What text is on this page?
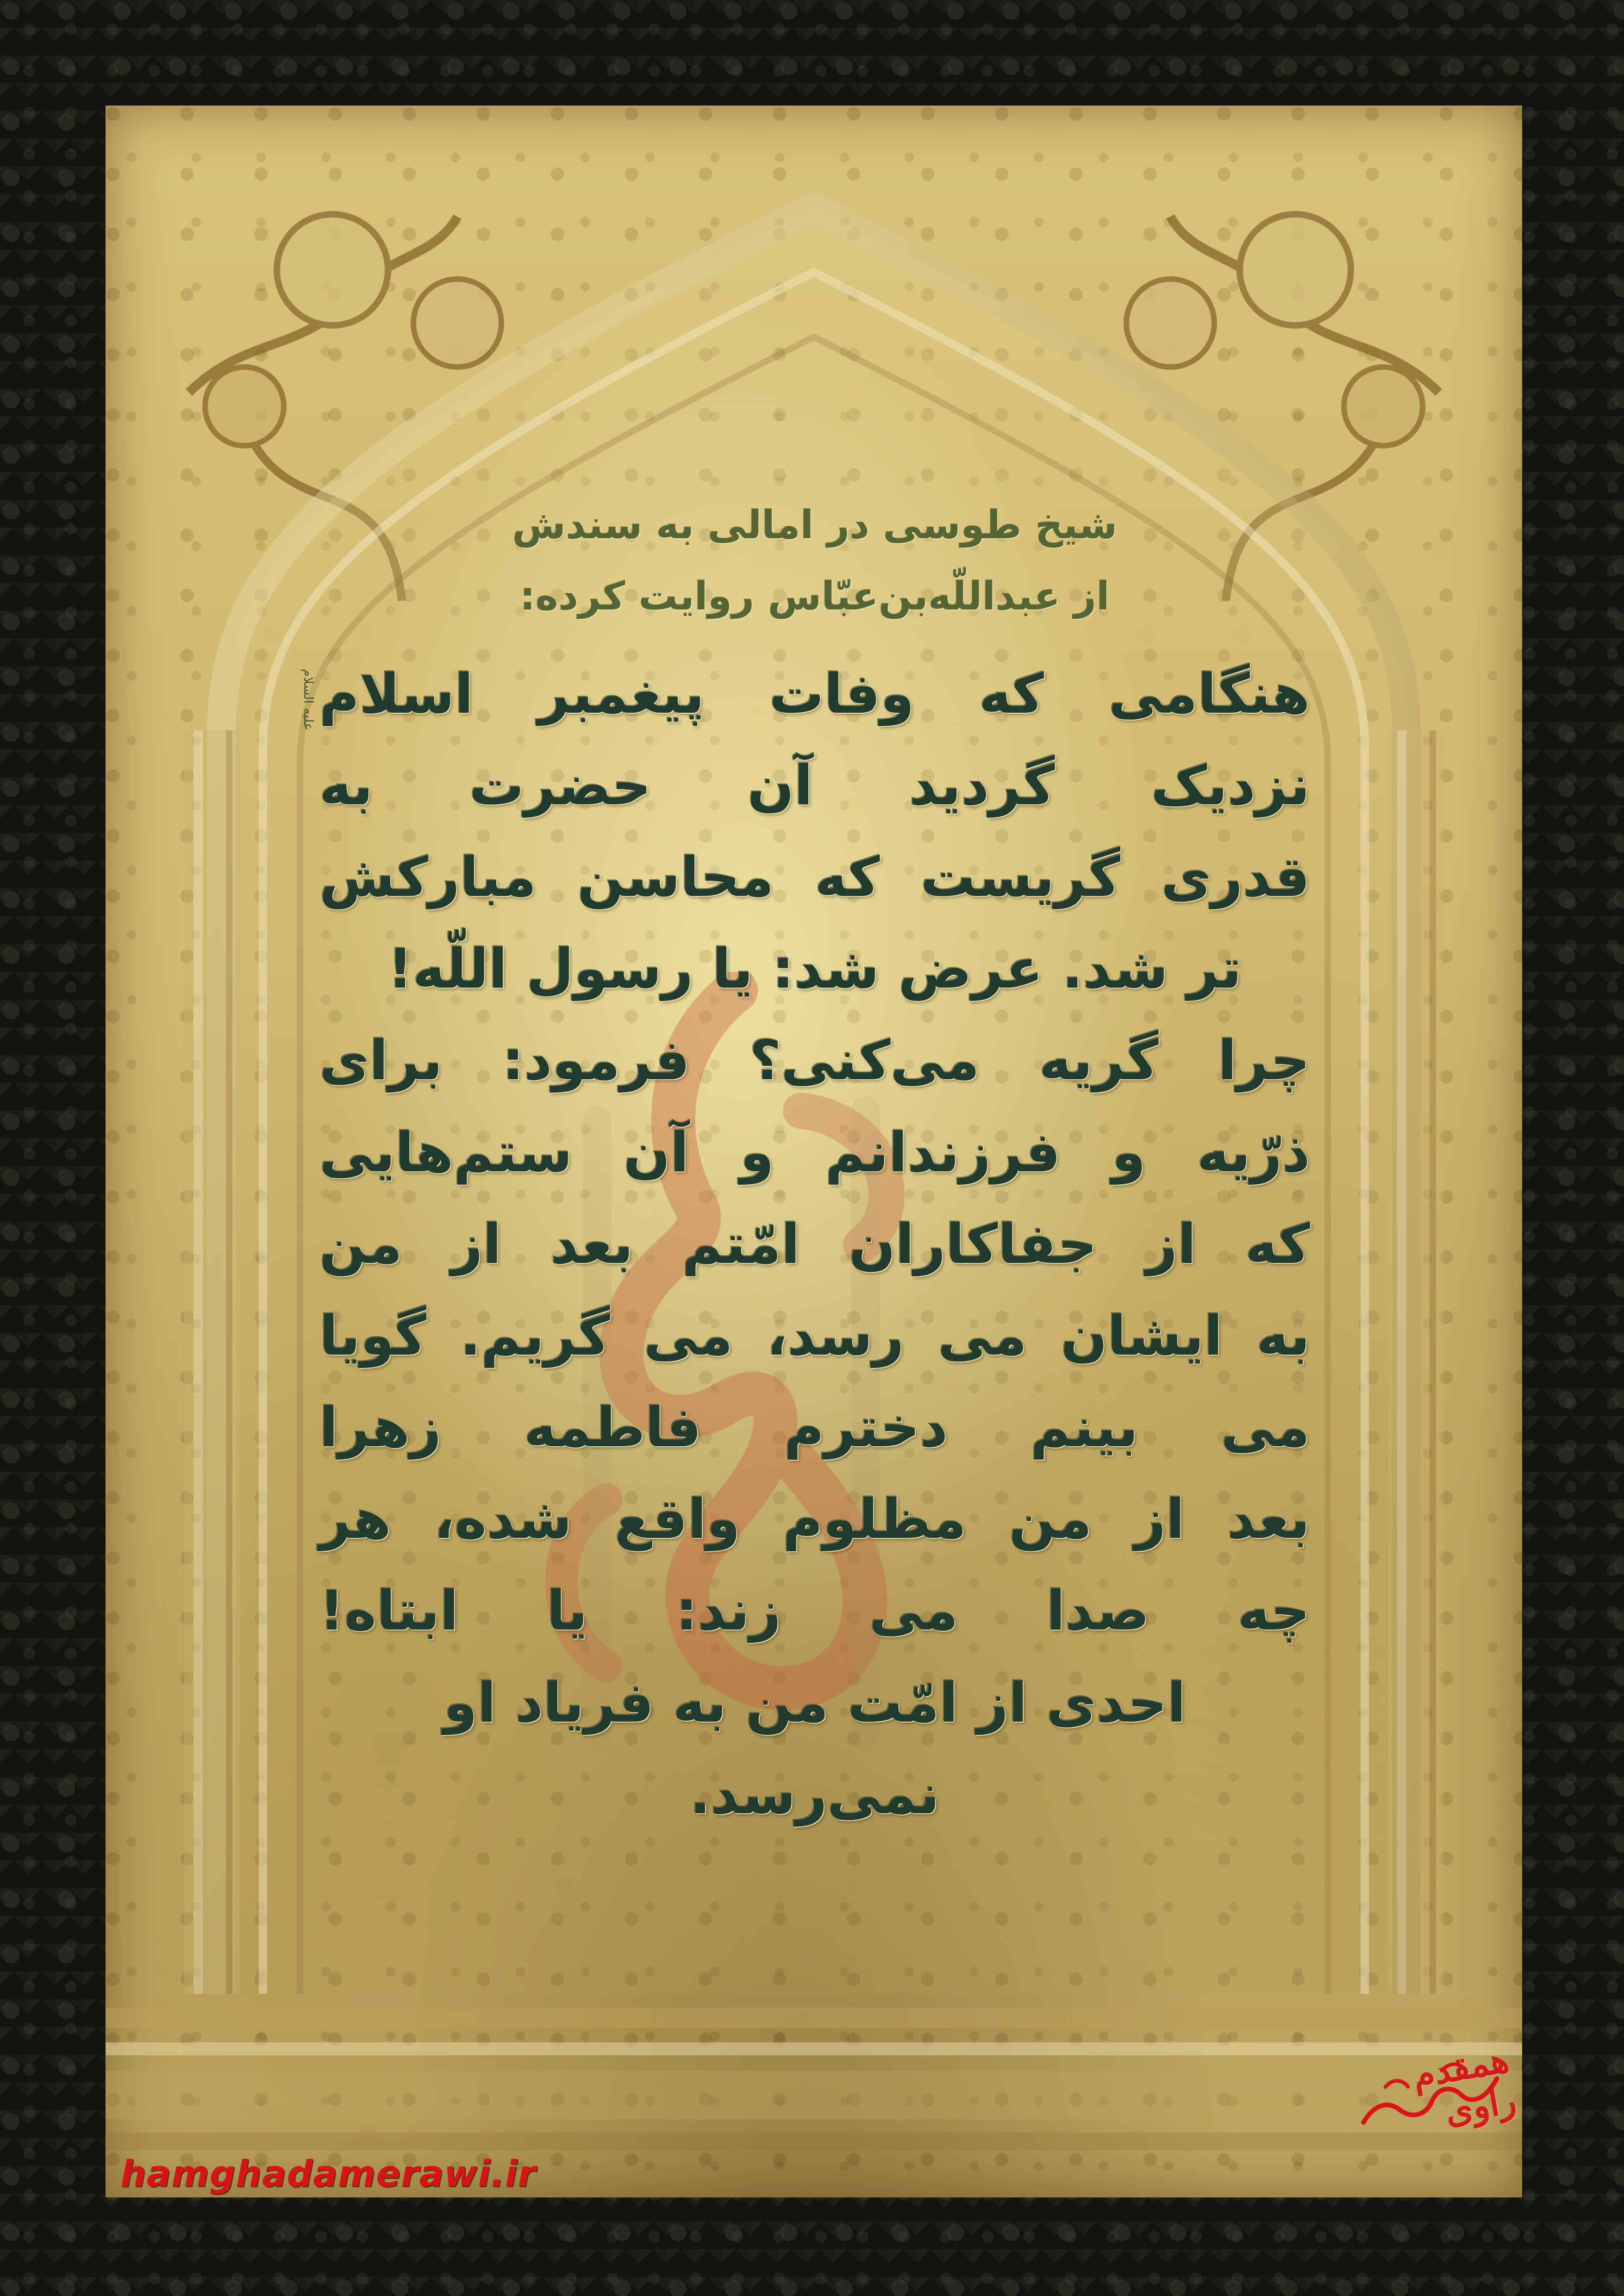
علیه السلام

شیخ طوسی در امالی به سندش

از عبداللّه‌بن‌عبّاس روایت کرده:

هنگامی که وفات پیغمبر اسلام

نزدیک گردید آن حضرت به

قدری گریست که محاسن مبارکش

تر شد. عرض شد: یا رسول اللّه!

چرا گریه می‌کنی؟ فرمود: برای

ذرّیه و فرزندانم و آن ستم‌هایی

که از جفاکاران امّتم بعد از من

به ایشان می رسد، می گریم. گویا

می بینم دخترم فاطمه زهرا

بعد از من مظلوم واقع شده، هر

چه صدا می زند: یا ابتاه!

احدی از امّت من به فریاد او

نمی‌رسد.

همقدم راوی
hamghadamerawi.ir
